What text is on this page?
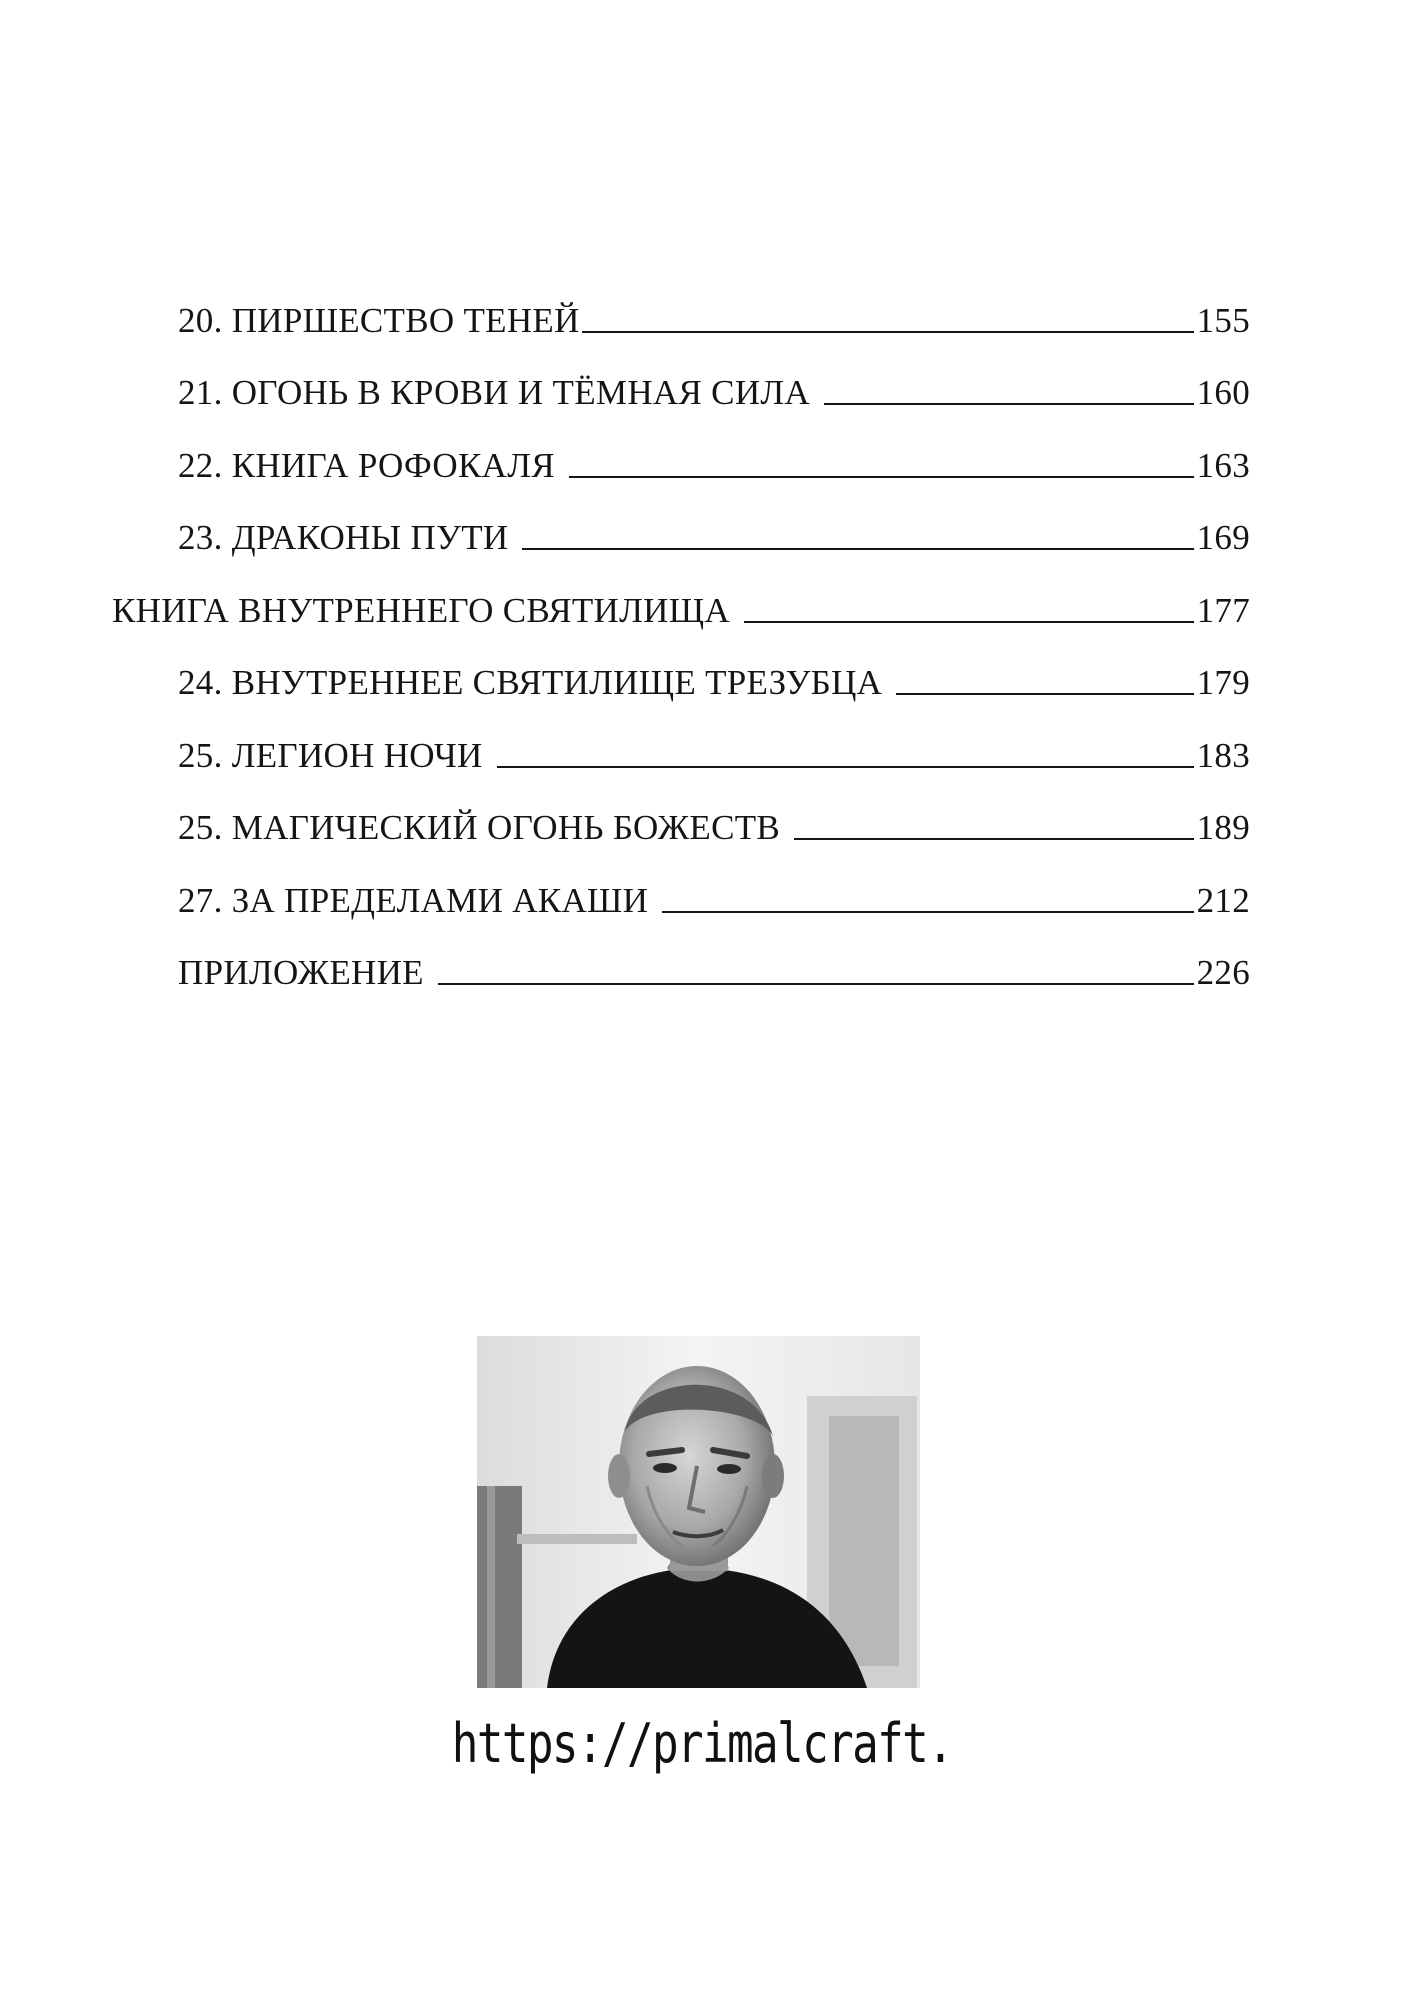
20. ПИРШЕСТВО ТЕНЕЙ	155
21. ОГОНЬ В КРОВИ И ТЁМНАЯ СИЛА	160
22. КНИГА РОФОКАЛЯ	163
23. ДРАКОНЫ ПУТИ	169
КНИГА ВНУТРЕННЕГО СВЯТИЛИЩА	177
24. ВНУТРЕННЕЕ СВЯТИЛИЩЕ ТРЕЗУБЦА	179
25. ЛЕГИОН НОЧИ	183
25. МАГИЧЕСКИЙ ОГОНЬ БОЖЕСТВ	189
27. ЗА ПРЕДЕЛАМИ АКАШИ	212
ПРИЛОЖЕНИЕ	226
https://primalcraft.
